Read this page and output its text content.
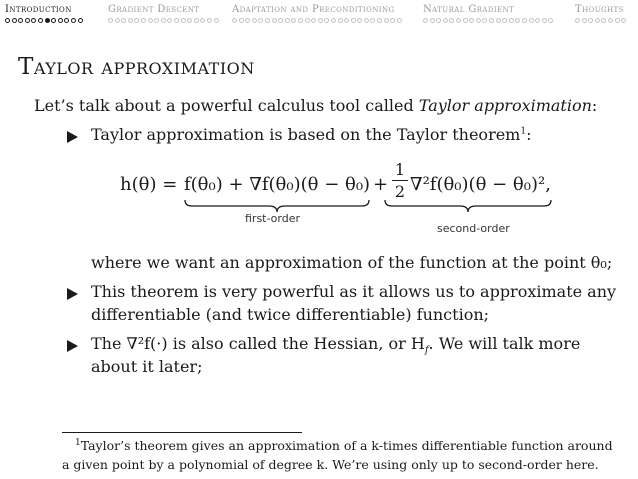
Introduction	Gradient Descent	Adaptation and Preconditioning	Natural Gradient	Thoughts
Taylor approximation
Let’s talk about a powerful calculus tool called Taylor approximation:
Taylor approximation is based on the Taylor theorem$^1$:
h(θ) = f(θ₀) + ∇f(θ₀)(θ − θ₀) +
1
2 ∇²f(θ₀)(θ − θ₀)²,
first-order
second-order
where we want an approximation of the function at the point θ₀;
This theorem is very powerful as it allows us to approximate any
differentiable (and twice differentiable) function;
The ∇²f(·) is also called the Hessian, or $H_f$. We will talk more
about it later;
$^1$Taylor’s theorem gives an approximation of a k-times differentiable function around
a given point by a polynomial of degree k. We’re using only up to second-order here.
